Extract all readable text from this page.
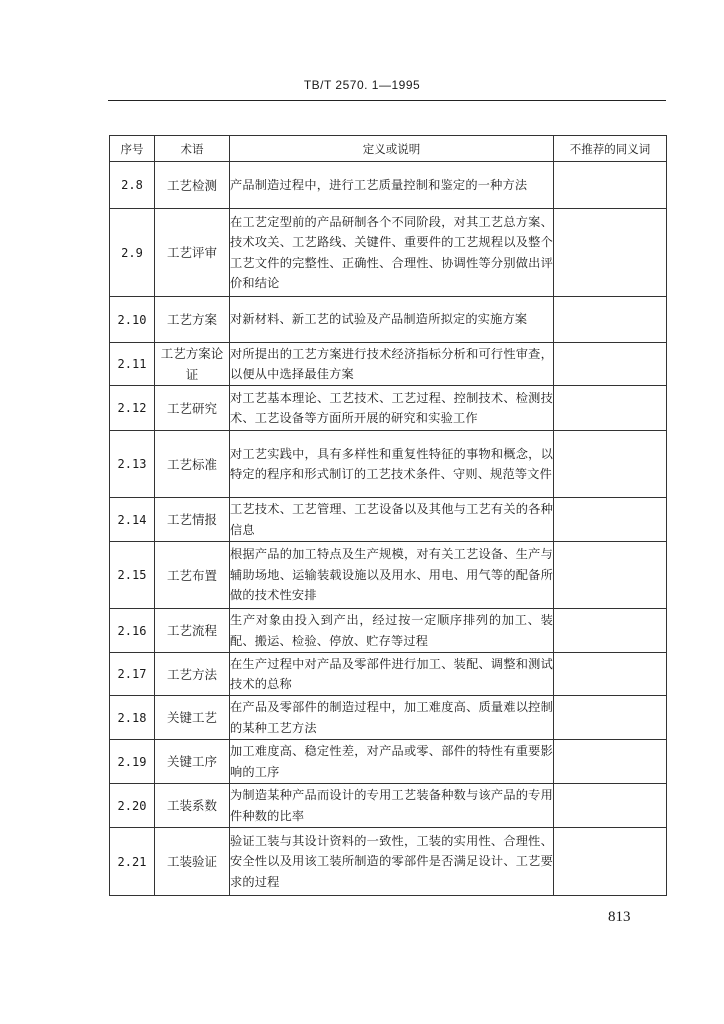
TB/T 2570. 1—1995
序号	术语	定义或说明	不推荐的同义词
2.8	工艺检测	产品制造过程中，进行工艺质量控制和鉴定的一种方法	
2.9	工艺评审	在工艺定型前的产品研制各个不同阶段，对其工艺总方案、技术攻关、工艺路线、关键件、重要件的工艺规程以及整个工艺文件的完整性、正确性、合理性、协调性等分别做出评价和结论	
2.10	工艺方案	对新材料、新工艺的试验及产品制造所拟定的实施方案	
2.11	工艺方案论证	对所提出的工艺方案进行技术经济指标分析和可行性审查，以便从中选择最佳方案	
2.12	工艺研究	对工艺基本理论、工艺技术、工艺过程、控制技术、检测技术、工艺设备等方面所开展的研究和实验工作	
2.13	工艺标准	对工艺实践中，具有多样性和重复性特征的事物和概念，以特定的程序和形式制订的工艺技术条件、守则、规范等文件	
2.14	工艺情报	工艺技术、工艺管理、工艺设备以及其他与工艺有关的各种信息	
2.15	工艺布置	根据产品的加工特点及生产规模，对有关工艺设备、生产与辅助场地、运输装载设施以及用水、用电、用气等的配备所做的技术性安排	
2.16	工艺流程	生产对象由投入到产出，经过按一定顺序排列的加工、装配、搬运、检验、停放、贮存等过程	
2.17	工艺方法	在生产过程中对产品及零部件进行加工、装配、调整和测试技术的总称	
2.18	关键工艺	在产品及零部件的制造过程中，加工难度高、质量难以控制的某种工艺方法	
2.19	关键工序	加工难度高、稳定性差，对产品或零、部件的特性有重要影响的工序	
2.20	工装系数	为制造某种产品而设计的专用工艺装备种数与该产品的专用件种数的比率	
2.21	工装验证	验证工装与其设计资料的一致性，工装的实用性、合理性、安全性以及用该工装所制造的零部件是否满足设计、工艺要求的过程	
813
